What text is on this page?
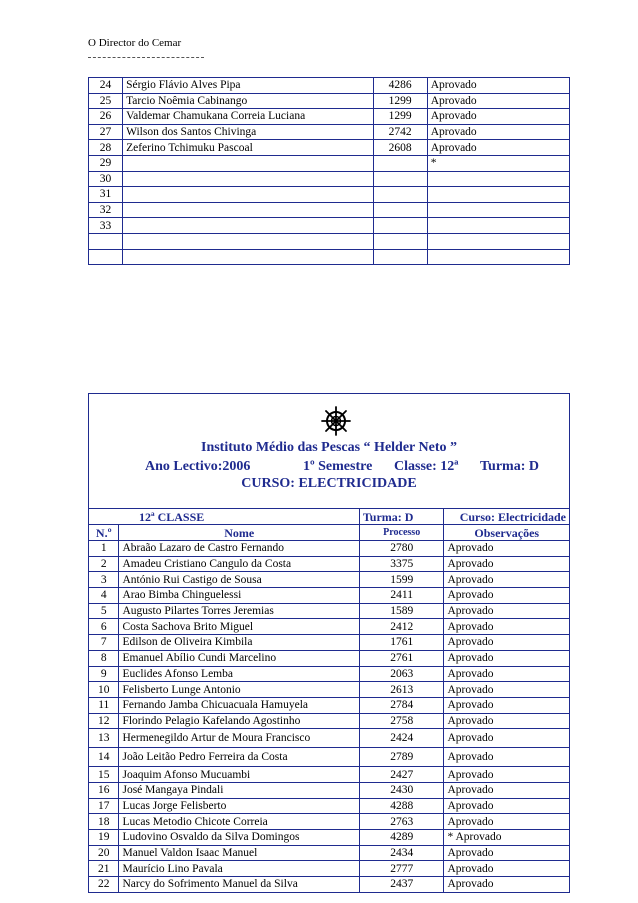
O Director do Cemar
24	Sérgio Flávio Alves Pipa	4286	Aprovado
25	Tarcio Noêmia Cabinango	1299	Aprovado
26	Valdemar Chamukana Correia Luciana	1299	Aprovado
27	Wilson dos Santos Chivinga	2742	Aprovado
28	Zeferino Tchimuku Pascoal	2608	Aprovado
29			*
30			
31			
32			
33			

Instituto Médio das Pescas “ Helder Neto ”
Ano Lectivo:2006	1º Semestre Classe: 12ª Turma: D
CURSO: ELECTRICIDADE
12ª CLASSE		Turma: D	Curso: Electricidade
N.º	Nome	Processo	Observações
1	Abraão Lazaro de Castro Fernando	2780	Aprovado
2	Amadeu Cristiano Cangulo da Costa	3375	Aprovado
3	António Rui Castigo de Sousa	1599	Aprovado
4	Arao Bimba Chinguelessi	2411	Aprovado
5	Augusto Pilartes Torres Jeremias	1589	Aprovado
6	Costa Sachova Brito Miguel	2412	Aprovado
7	Edilson de Oliveira Kimbila	1761	Aprovado
8	Emanuel Abílio Cundi Marcelino	2761	Aprovado
9	Euclides Afonso Lemba	2063	Aprovado
10	Felisberto Lunge Antonio	2613	Aprovado
11	Fernando Jamba Chicuacuala Hamuyela	2784	Aprovado
12	Florindo Pelagio Kafelando Agostinho	2758	Aprovado
13	Hermenegildo Artur de Moura Francisco	2424	Aprovado
14	João Leitão Pedro Ferreira da Costa	2789	Aprovado
15	Joaquim Afonso Mucuambi	2427	Aprovado
16	José Mangaya Pindali	2430	Aprovado
17	Lucas Jorge Felisberto	4288	Aprovado
18	Lucas Metodio Chicote Correia	2763	Aprovado
19	Ludovino Osvaldo da Silva Domingos	4289	* Aprovado
20	Manuel Valdon Isaac Manuel	2434	Aprovado
21	Maurício Lino Pavala	2777	Aprovado
22	Narcy do Sofrimento Manuel da Silva	2437	Aprovado
